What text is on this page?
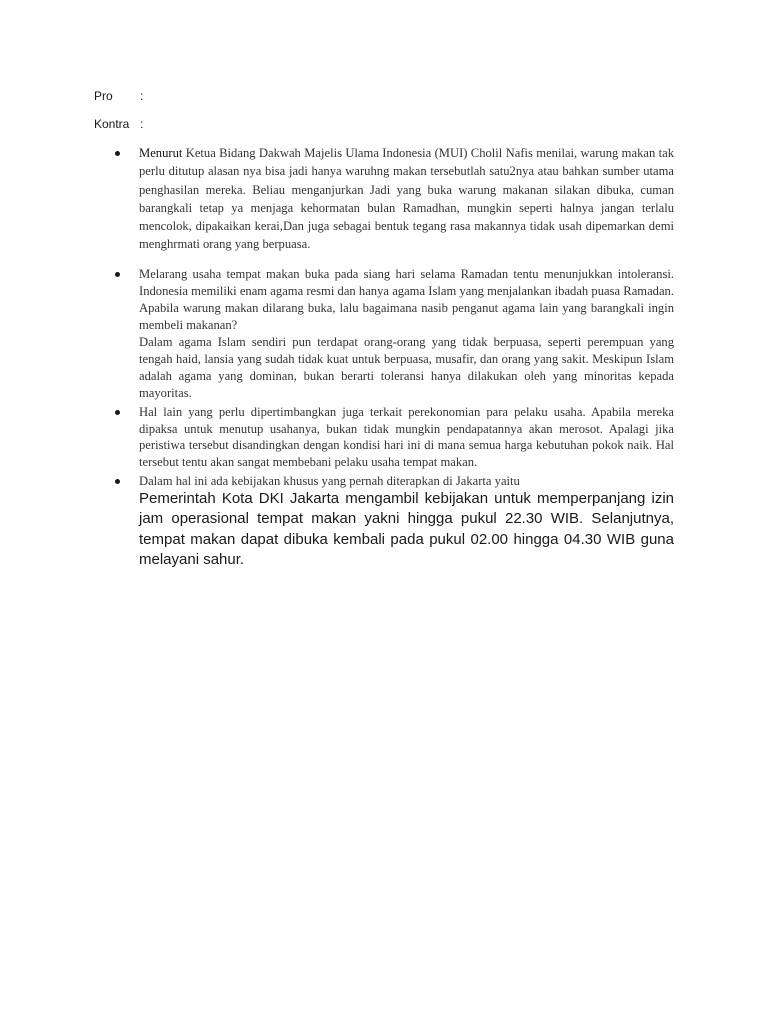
Pro :
Kontra :
Menurut Ketua Bidang Dakwah Majelis Ulama Indonesia (MUI) Cholil Nafis menilai, warung makan tak perlu ditutup alasan nya bisa jadi hanya waruhng makan tersebutlah satu2nya atau bahkan sumber utama penghasilan mereka. Beliau menganjurkan Jadi yang buka warung makanan silakan dibuka, cuman barangkali tetap ya menjaga kehormatan bulan Ramadhan, mungkin seperti halnya jangan terlalu mencolok, dipakaikan kerai,Dan juga sebagai bentuk tegang rasa makannya tidak usah dipemarkan demi menghrmati orang yang berpuasa.
Melarang usaha tempat makan buka pada siang hari selama Ramadan tentu menunjukkan intoleransi. Indonesia memiliki enam agama resmi dan hanya agama Islam yang menjalankan ibadah puasa Ramadan. Apabila warung makan dilarang buka, lalu bagaimana nasib penganut agama lain yang barangkali ingin membeli makanan?
Dalam agama Islam sendiri pun terdapat orang-orang yang tidak berpuasa, seperti perempuan yang tengah haid, lansia yang sudah tidak kuat untuk berpuasa, musafir, dan orang yang sakit. Meskipun Islam adalah agama yang dominan, bukan berarti toleransi hanya dilakukan oleh yang minoritas kepada mayoritas.
Hal lain yang perlu dipertimbangkan juga terkait perekonomian para pelaku usaha. Apabila mereka dipaksa untuk menutup usahanya, bukan tidak mungkin pendapatannya akan merosot. Apalagi jika peristiwa tersebut disandingkan dengan kondisi hari ini di mana semua harga kebutuhan pokok naik. Hal tersebut tentu akan sangat membebani pelaku usaha tempat makan.
Dalam hal ini ada kebijakan khusus yang pernah diterapkan di Jakarta yaitu
Pemerintah Kota DKI Jakarta mengambil kebijakan untuk memperpanjang izin jam operasional tempat makan yakni hingga pukul 22.30 WIB. Selanjutnya, tempat makan dapat dibuka kembali pada pukul 02.00 hingga 04.30 WIB guna melayani sahur.
